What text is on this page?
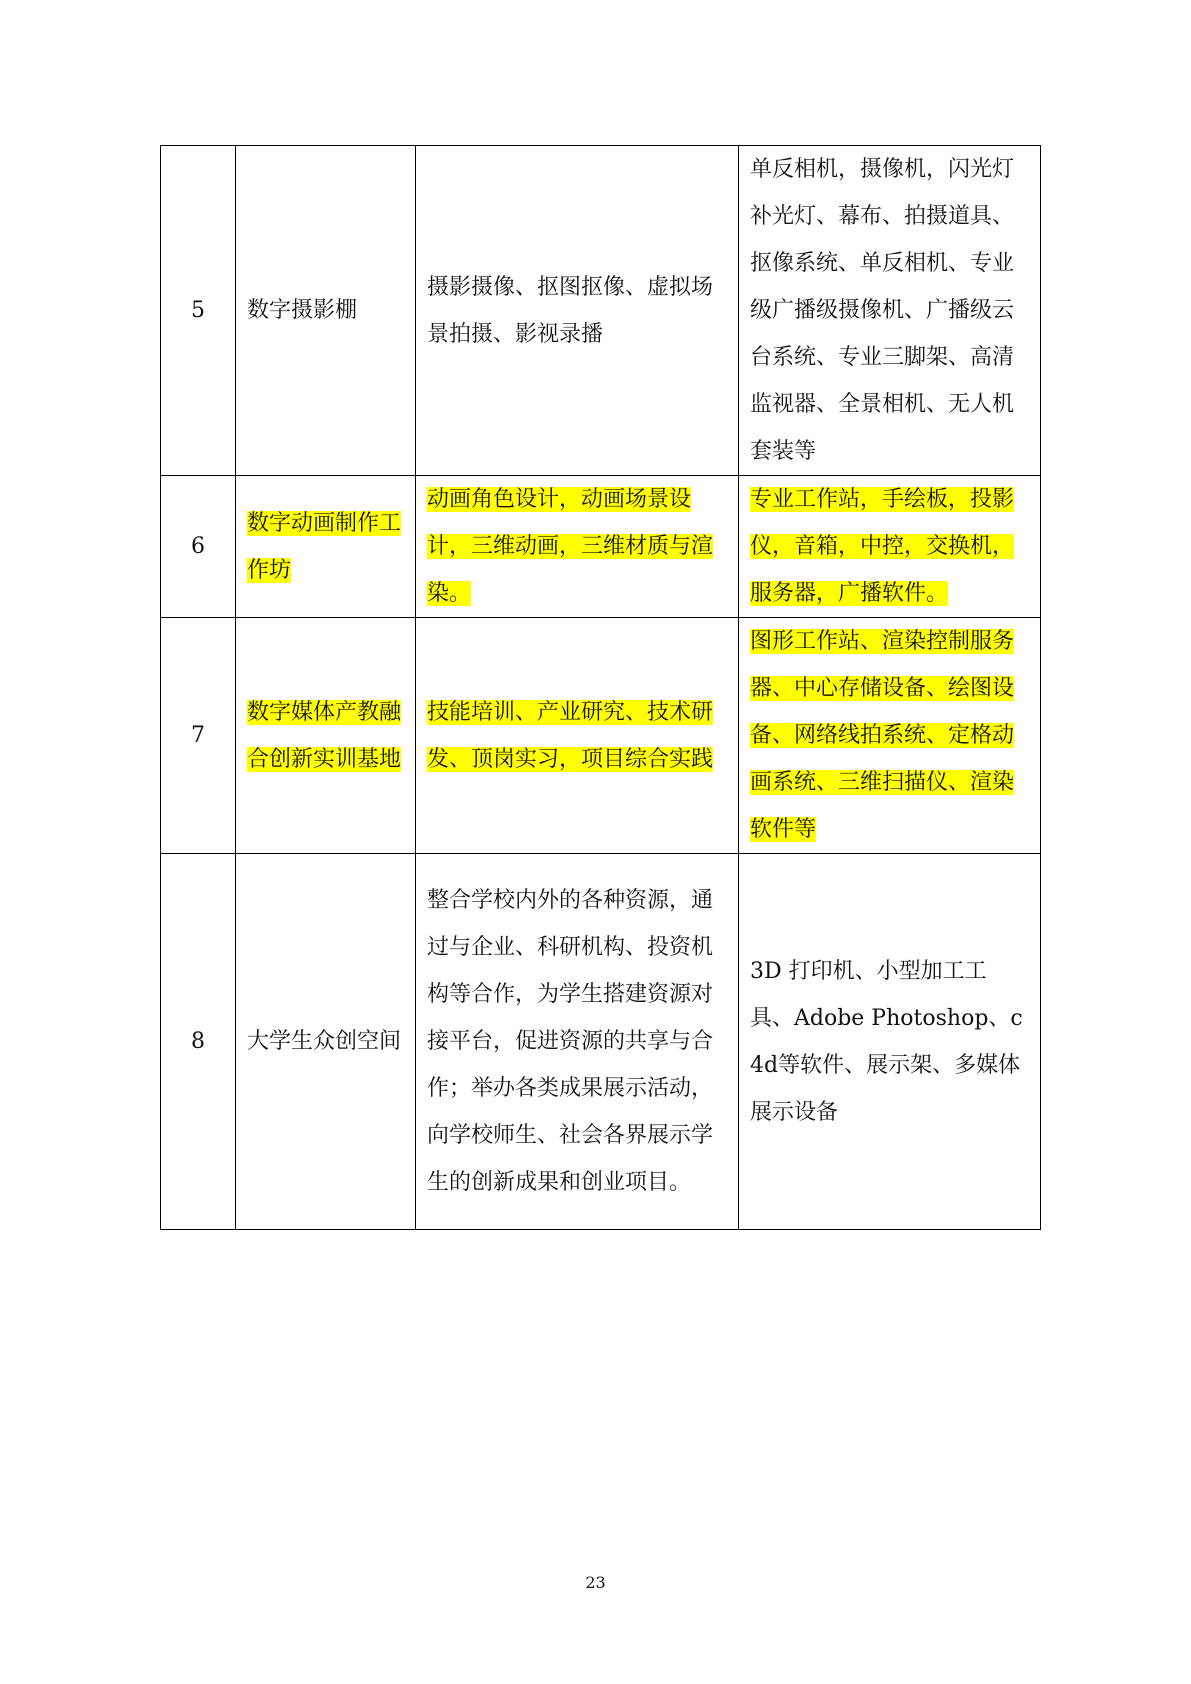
5	数字摄影棚	摄影摄像、抠图抠像、虚拟场景拍摄、影视录播	单反相机，摄像机，闪光灯补光灯、幕布、拍摄道具、抠像系统、单反相机、专业级广播级摄像机、广播级云台系统、专业三脚架、高清监视器、全景相机、无人机套装等
6	数字动画制作工作坊	动画角色设计，动画场景设计，三维动画，三维材质与渲染。	专业工作站，手绘板，投影仪，音箱，中控，交换机，服务器，广播软件。
7	数字媒体产教融合创新实训基地	技能培训、产业研究、技术研发、顶岗实习，项目综合实践	图形工作站、渲染控制服务器、中心存储设备、绘图设备、网络线拍系统、定格动画系统、三维扫描仪、渲染软件等
8	大学生众创空间	整合学校内外的各种资源，通过与企业、科研机构、投资机构等合作，为学生搭建资源对接平台，促进资源的共享与合作；举办各类成果展示活动，向学校师生、社会各界展示学生的创新成果和创业项目。	3D 打印机、小型加工工具、Adobe Photoshop、c4d等软件、展示架、多媒体展示设备
23
